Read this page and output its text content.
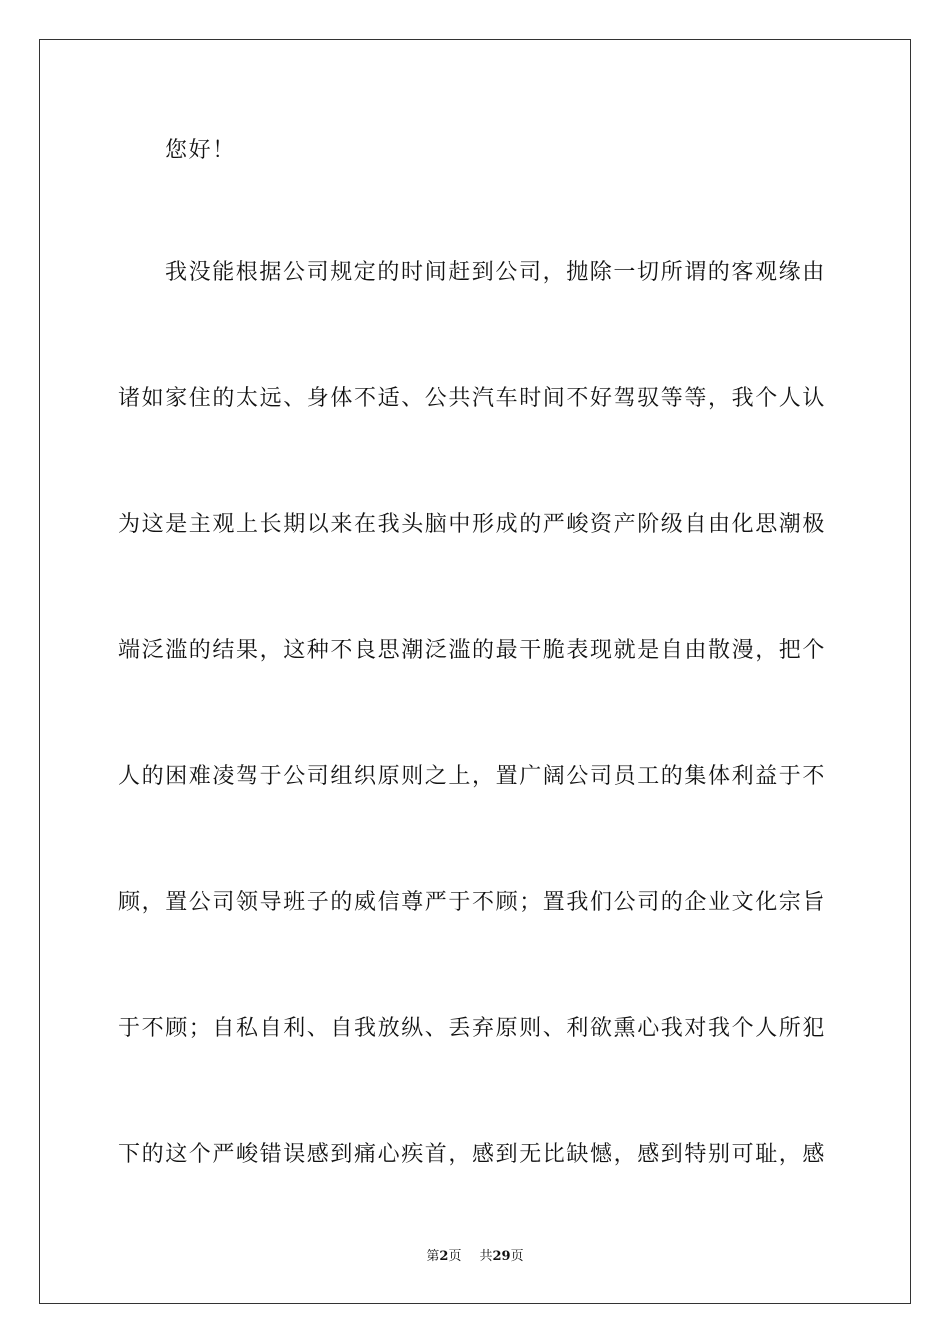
您好！
我没能根据公司规定的时间赶到公司，抛除一切所谓的客观缘由
诸如家住的太远、身体不适、公共汽车时间不好驾驭等等，我个人认
为这是主观上长期以来在我头脑中形成的严峻资产阶级自由化思潮极
端泛滥的结果，这种不良思潮泛滥的最干脆表现就是自由散漫，把个
人的困难凌驾于公司组织原则之上，置广阔公司员工的集体利益于不
顾，置公司领导班子的威信尊严于不顾；置我们公司的企业文化宗旨
于不顾；自私自利、自我放纵、丢弃原则、利欲熏心我对我个人所犯
下的这个严峻错误感到痛心疾首，感到无比缺憾，感到特别可耻，感
第2页 共29页
